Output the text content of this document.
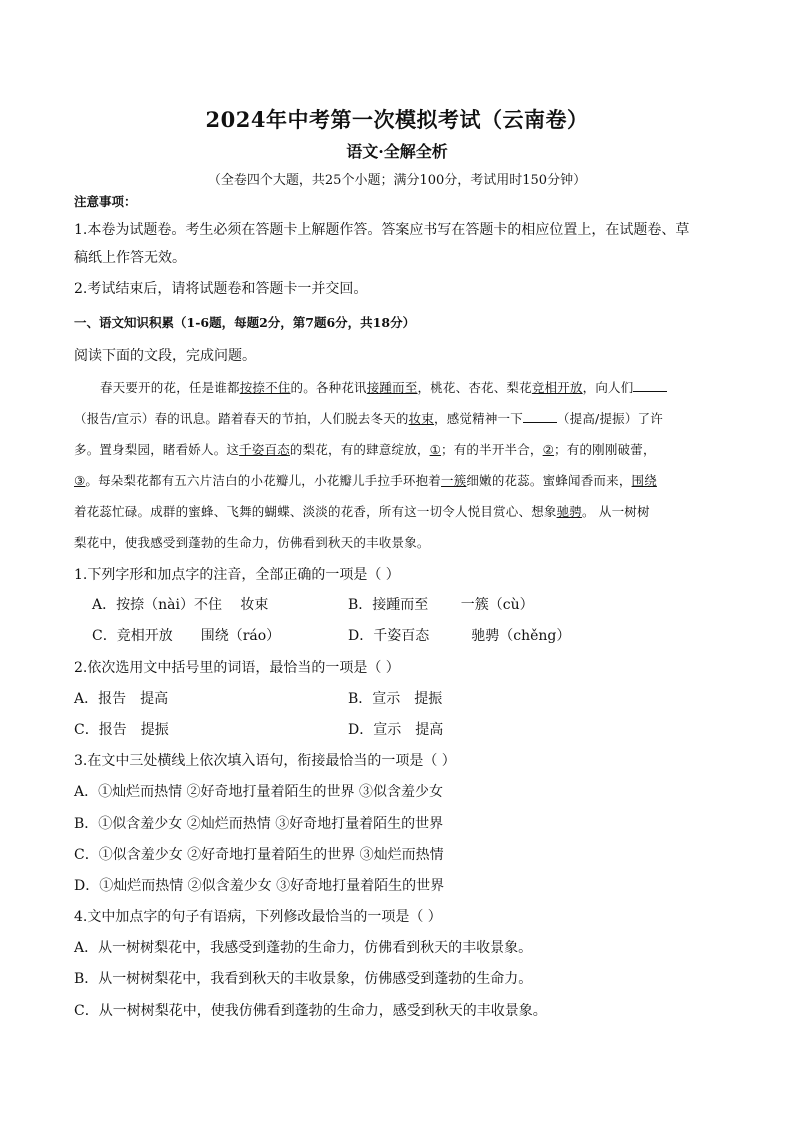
2024年中考第一次模拟考试（云南卷）
语文·全解全析
（全卷四个大题，共25个小题；满分100分，考试用时150分钟）
注意事项：
1.本卷为试题卷。考生必须在答题卡上解题作答。答案应书写在答题卡的相应位置上，在试题卷、草
稿纸上作答无效。
2.考试结束后，请将试题卷和答题卡一并交回。
一、语文知识积累（1-6题，每题2分，第7题6分，共18分）
阅读下面的文段，完成问题。
春天要开的花，任是谁都按捺不住的。各种花讯接踵而至，桃花、杏花、梨花竞相开放，向人们
（报告/宣示）春的讯息。踏着春天的节拍，人们脱去冬天的妆束，感觉精神一下	（提高/提振）了许
多。置身梨园，睹看娇人。这千姿百态的梨花，有的肆意绽放，①；有的半开半合，②；有的刚刚破蕾，
③。每朵梨花都有五六片洁白的小花瓣儿，小花瓣儿手拉手环抱着一簇细嫩的花蕊。蜜蜂闻香而来，围绕
着花蕊忙碌。成群的蜜蜂、飞舞的蝴蝶、淡淡的花香，所有这一切令人悦目赏心、想象驰骋。 从一树树
梨花中，使我感受到蓬勃的生命力，仿佛看到秋天的丰收景象。
1.下列字形和加点字的注音，全部正确的一项是（ ）
A．按捺（nài）不住　 妆束	B．接踵而至　　 一簇（cù）
C．竞相开放　　围绕（ráo）	D．千姿百态　　　驰骋（chěng）
2.依次选用文中括号里的词语，最恰当的一项是（ ）
A．报告　提高	B．宣示　提振
C．报告　提振	D．宣示　提高
3.在文中三处横线上依次填入语句，衔接最恰当的一项是（ ）
A．①灿烂而热情 ②好奇地打量着陌生的世界 ③似含羞少女
B．①似含羞少女 ②灿烂而热情 ③好奇地打量着陌生的世界
C．①似含羞少女 ②好奇地打量着陌生的世界 ③灿烂而热情
D．①灿烂而热情 ②似含羞少女 ③好奇地打量着陌生的世界
4.文中加点字的句子有语病，下列修改最恰当的一项是（ ）
A．从一树树梨花中，我感受到蓬勃的生命力，仿佛看到秋天的丰收景象。
B．从一树树梨花中，我看到秋天的丰收景象，仿佛感受到蓬勃的生命力。
C．从一树树梨花中，使我仿佛看到蓬勃的生命力，感受到秋天的丰收景象。
